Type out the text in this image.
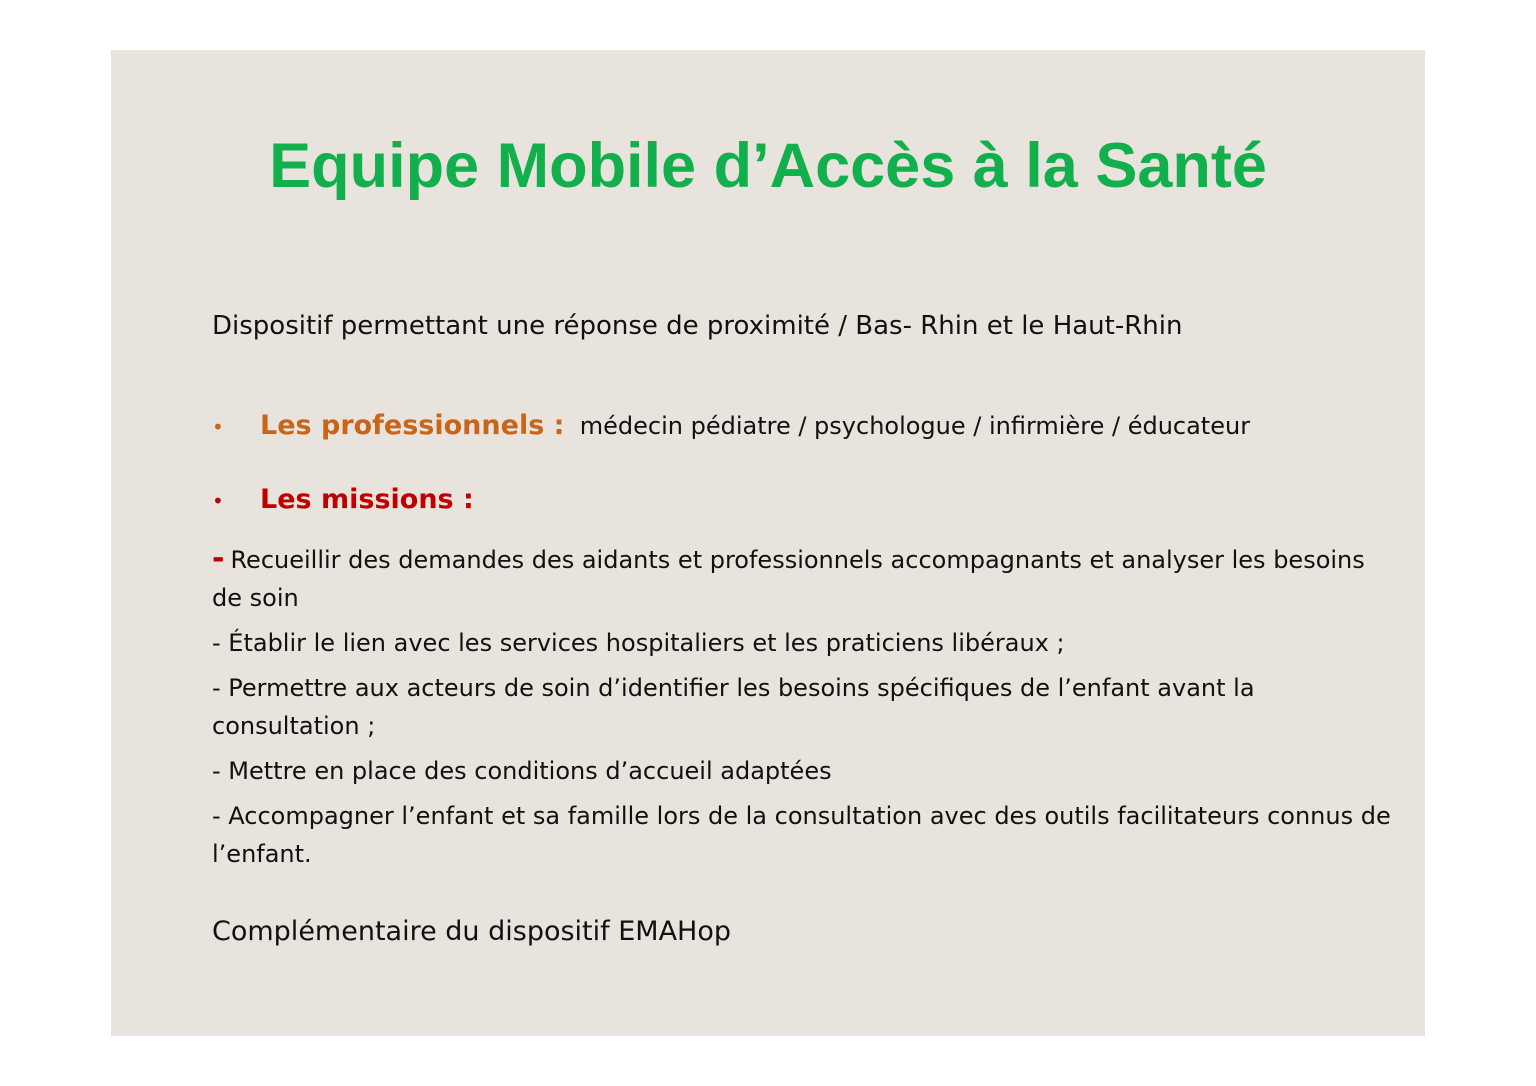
Equipe Mobile d’Accès à la Santé
Dispositif permettant une réponse de proximité / Bas- Rhin et le Haut-Rhin
• Les professionnels : médecin pédiatre / psychologue / infirmière / éducateur
• Les missions :

- Recueillir des demandes des aidants et professionnels accompagnants et analyser les besoins de soin

- Établir le lien avec les services hospitaliers et les praticiens libéraux ;

- Permettre aux acteurs de soin d’identifier les besoins spécifiques de l’enfant avant la consultation ;

- Mettre en place des conditions d’accueil adaptées

- Accompagner l’enfant et sa famille lors de la consultation avec des outils facilitateurs connus de l’enfant.

Complémentaire du dispositif EMAHop
